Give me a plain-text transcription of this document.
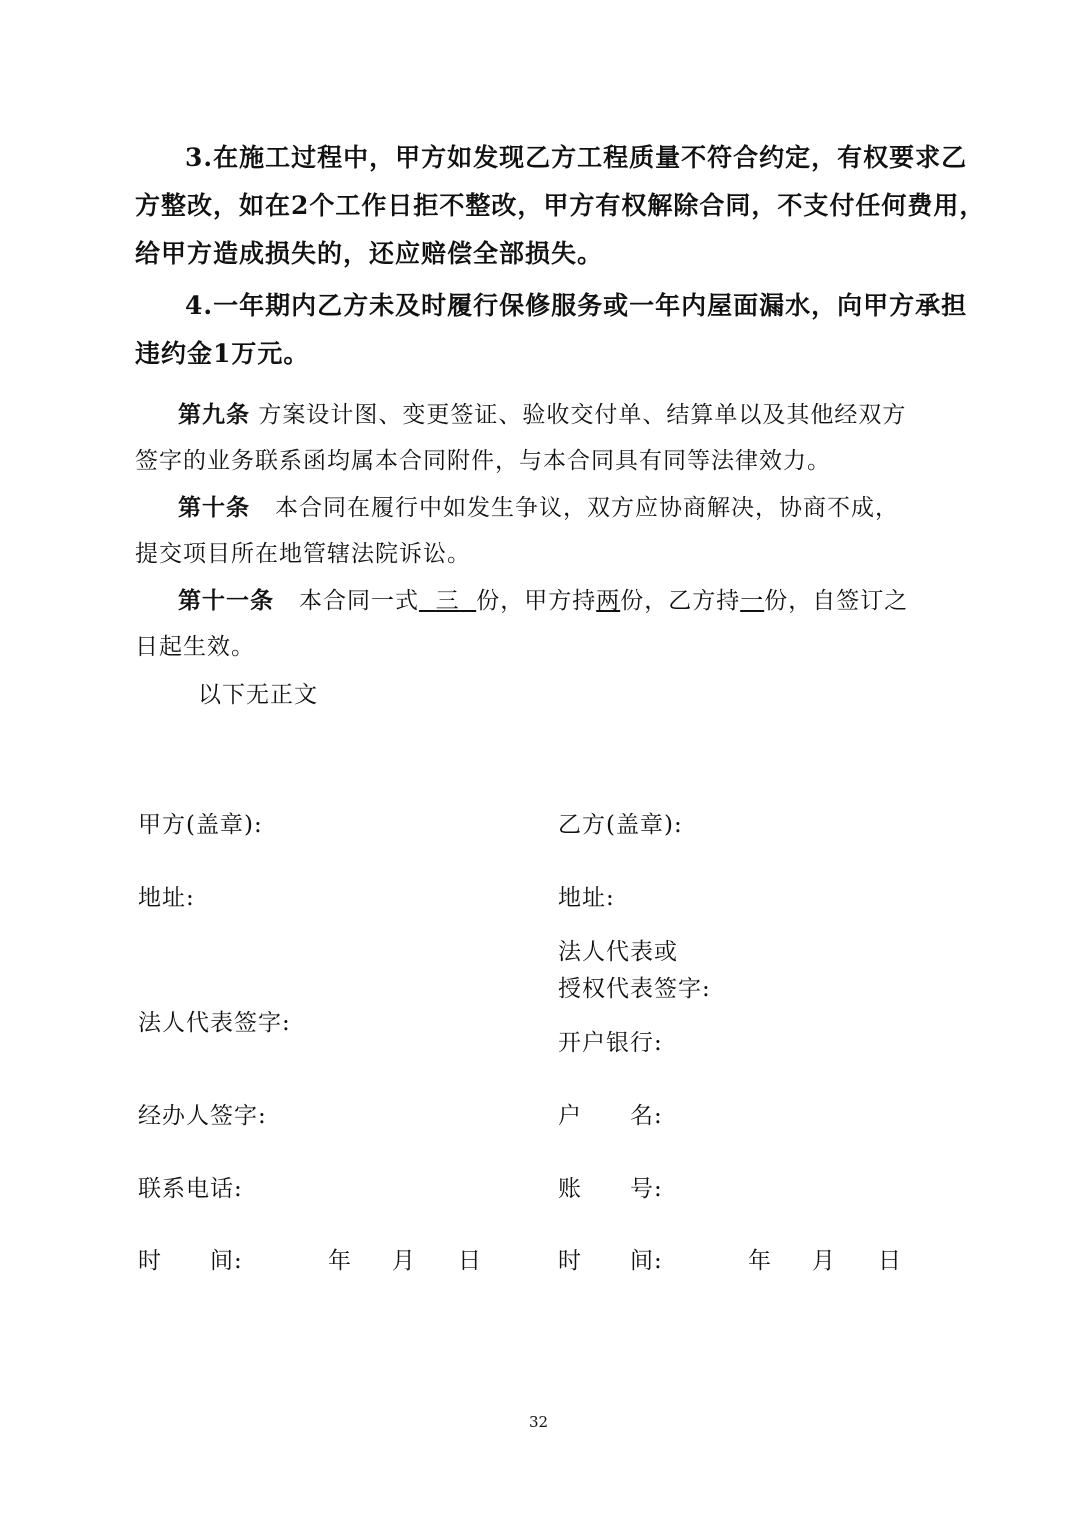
3.在施工过程中，甲方如发现乙方工程质量不符合约定，有权要求乙
方整改，如在2个工作日拒不整改，甲方有权解除合同，不支付任何费用，
给甲方造成损失的，还应赔偿全部损失。
4.一年期内乙方未及时履行保修服务或一年内屋面漏水，向甲方承担
违约金1万元。
第九条 方案设计图、变更签证、验收交付单、结算单以及其他经双方
签字的业务联系函均属本合同附件，与本合同具有同等法律效力。
第十条 本合同在履行中如发生争议，双方应协商解决，协商不成，
提交项目所在地管辖法院诉讼。
第十一条 本合同一式 三 份，甲方持两份，乙方持一份，自签订之
日起生效。
以下无正文
甲方(盖章):
地址:
法人代表签字:
经办人签字:
联系电话:
时　　间:	年 月 日
乙方(盖章):
地址:
法人代表或
授权代表签字:
开户银行:
户　　名:
账　　号:
时　　间:	年 月 日
32
